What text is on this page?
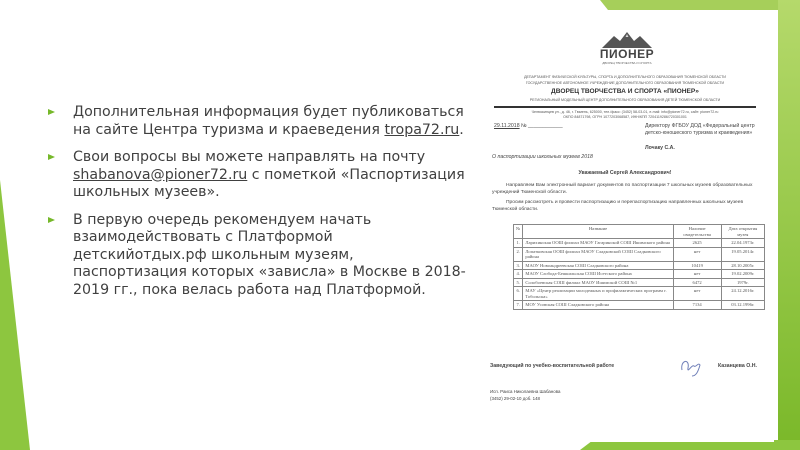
Дополнительная информация будет публиковаться на сайте Центра туризма и краеведения tropa72.ru.
Свои вопросы вы можете направлять на почту shabanova@pioner72.ru с пометкой «Паспортизация школьных музеев».
В первую очередь рекомендуем начать взаимодействовать с Платформой детскийотдых.рф школьным музеям, паспортизация которых «зависла» в Москве в 2018-2019 гг., пока велась работа над Платформой.
ПИОНЕР
ДВОРЕЦ ТВОРЧЕСТВА И СПОРТА
ДЕПАРТАМЕНТ ФИЗИЧЕСКОЙ КУЛЬТУРЫ, СПОРТА И ДОПОЛНИТЕЛЬНОГО ОБРАЗОВАНИЯ ТЮМЕНСКОЙ ОБЛАСТИ
ГОСУДАРСТВЕННОЕ АВТОНОМНОЕ УЧРЕЖДЕНИЕ ДОПОЛНИТЕЛЬНОГО ОБРАЗОВАНИЯ ТЮМЕНСКОЙ ОБЛАСТИ
ДВОРЕЦ ТВОРЧЕСТВА И СПОРТА «ПИОНЕР»
РЕГИОНАЛЬНЫЙ МОДЕЛЬНЫЙ ЦЕНТР ДОПОЛНИТЕЛЬНОГО ОБРАЗОВАНИЯ ДЕТЕЙ ТЮМЕНСКОЙ ОБЛАСТИ
Челюскинцев ул., д. 46, г. Тюмень, 625000, тел./факс: (3452) 58-03-01, e-mail: info@pioner72.ru, сайт: pioner72.ru
ОКПО 84871798, ОГРН 1077203068587, ИНН/КПП 7204119286/720301001
29.11.2018 № ____________	Директору ФГБОУ ДОД «Федеральный центр детско-юношеского туризма и краеведения»
Лочаку С.А.
О паспортизации школьных музеев 2018
Уважаемый Сергей Александрович!
Направляем Вам электронный вариант документов по паспортизации 7 школьных музеев образовательных учреждений Тюменской области.
Просим рассмотреть и провести паспортизацию и перепаспортизацию направленных школьных музеев Тюменской области.
№	Название	Наличие свидетельства	Дата открытия музея
1.	Ларихинская ООШ филиал МАОУ Гагаринской СОШ Ишимского района	2625	22.04.1973г.
2.	Лопатковская ООШ филиал МАОУ Сладковской СОШ Сладковского района	нет	19.05.2014г.
3.	МАОУ Новоандреевская СОШ Сладковского района	10419	28.10.2005г.
4.	МАОУ Слобода-Бешкильская СОШ Исетского района	нет	19.02.2009г.
5.	Солобоевская СОШ филиал МАОУ Ишимской СОШ №1	6472	1979г.
6.	МАУ «Центр реализации молодежных и профилактических программ г. Тобольска»	нет	24.12.2016г.
7.	МОУ Усовская СОШ Сладковского района	7134	03.12.1996г.
Заведующий по учебно-воспитательной работе	Казанцева О.Н.
Исп. Раиса Николаевна Шабанова
(3452) 29-02-10 доб. 148
